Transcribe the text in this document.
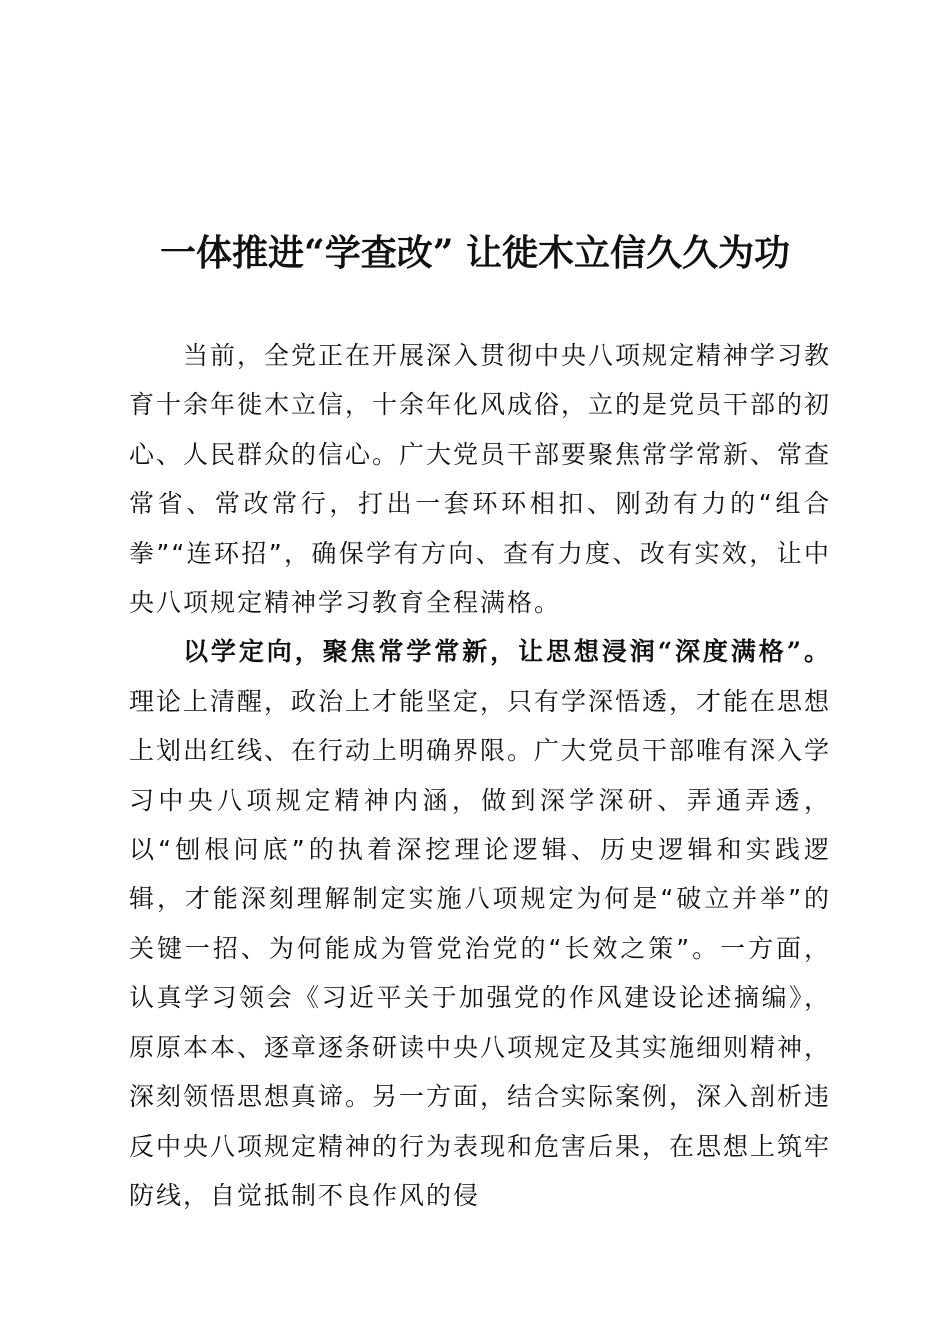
一体推进“学查改” 让徙木立信久久为功

当前，全党正在开展深入贯彻中央八项规定精神学习教育十余年徙木立信，十余年化风成俗，立的是党员干部的初心、人民群众的信心。广大党员干部要聚焦常学常新、常查常省、常改常行，打出一套环环相扣、刚劲有力的“组合拳”“连环招”，确保学有方向、查有力度、改有实效，让中央八项规定精神学习教育全程满格。

以学定向，聚焦常学常新，让思想浸润“深度满格”。理论上清醒，政治上才能坚定，只有学深悟透，才能在思想上划出红线、在行动上明确界限。广大党员干部唯有深入学习中央八项规定精神内涵，做到深学深研、弄通弄透，以“刨根问底”的执着深挖理论逻辑、历史逻辑和实践逻辑，才能深刻理解制定实施八项规定为何是“破立并举”的关键一招、为何能成为管党治党的“长效之策”。一方面，认真学习领会《习近平关于加强党的作风建设论述摘编》，原原本本、逐章逐条研读中央八项规定及其实施细则精神，深刻领悟思想真谛。另一方面，结合实际案例，深入剖析违反中央八项规定精神的行为表现和危害后果，在思想上筑牢防线，自觉抵制不良作风的侵
